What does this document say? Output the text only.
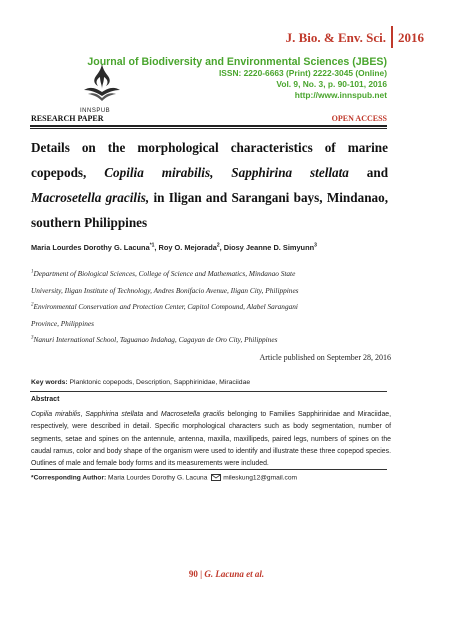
J. Bio. & Env. Sci. 2016
INNSPUB
Journal of Biodiversity and Environmental Sciences (JBES)
ISSN: 2220-6663 (Print) 2222-3045 (Online)
Vol. 9, No. 3, p. 90-101, 2016
http://www.innspub.net
RESEARCH PAPER	OPEN ACCESS
Details on the morphological characteristics of marine
copepods, Copilia mirabilis, Sapphirina stellata and
Macrosetella gracilis, in Iligan and Sarangani bays, Mindanao,
southern Philippines
Maria Lourdes Dorothy G. Lacuna$^{*1}$, Roy O. Mejorada$^2$, Diosy Jeanne D. Simyunn$^3$
$^1$Department of Biological Sciences, College of Science and Mathematics, Mindanao State
University, Iligan Institute of Technology, Andres Bonifacio Avenue, Iligan City, Philippines
$^2$Environmental Conservation and Protection Center, Capitol Compound, Alabel Sarangani
Province, Philippines
$^3$Nanuri International School, Taguanao Indahag, Cagayan de Oro City, Philippines
Article published on September 28, 2016
Key words: Planktonic copepods, Description, Sapphirinidae, Miraciidae
Abstract
Copilia mirabilis, Sapphirina stellata and Macrosetella gracilis belonging to Families Sapphirinidae and Miraciidae, respectively, were described in detail. Specific morphological characters such as body segmentation, number of segments, setae and spines on the antennule, antenna, maxilla, maxillipeds, paired legs, numbers of spines on the caudal ramus, color and body shape of the organism were used to identify and illustrate these three copepod species. Outlines of male and female body forms and its measurements were included.
*Corresponding Author: Maria Lourdes Dorothy G. Lacuna
mileskung12@gmail.com
90 | G. Lacuna et al.
